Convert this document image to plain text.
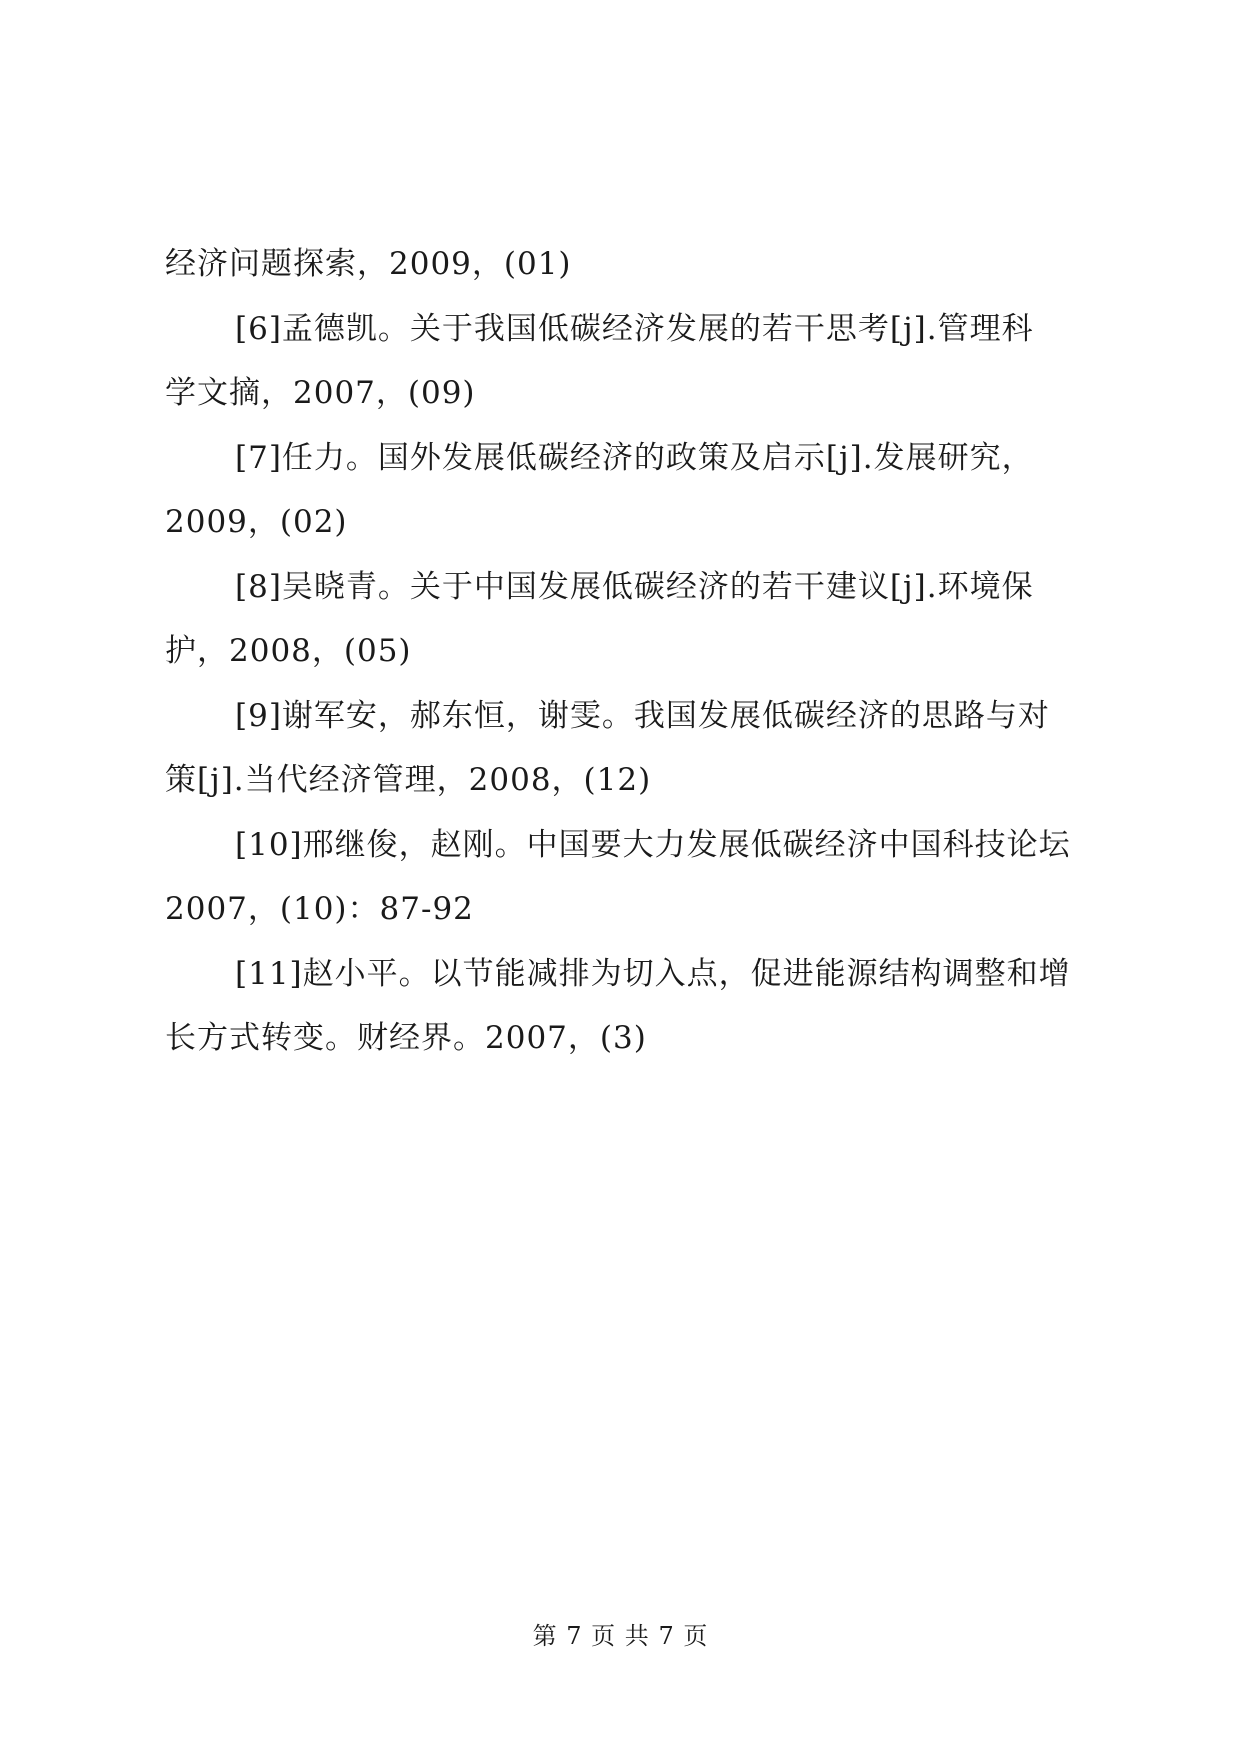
经济问题探索，2009，(01)
[6]孟德凯。关于我国低碳经济发展的若干思考[j].管理科
学文摘，2007，(09)
[7]任力。国外发展低碳经济的政策及启示[j].发展研究，
2009，(02)
[8]吴晓青。关于中国发展低碳经济的若干建议[j].环境保
护，2008，(05)
[9]谢军安，郝东恒，谢雯。我国发展低碳经济的思路与对
策[j].当代经济管理，2008，(12)
[10]邢继俊，赵刚。中国要大力发展低碳经济中国科技论坛
2007，(10)：87-92
[11]赵小平。以节能减排为切入点，促进能源结构调整和增
长方式转变。财经界。2007，(3)
第 7 页 共 7 页
